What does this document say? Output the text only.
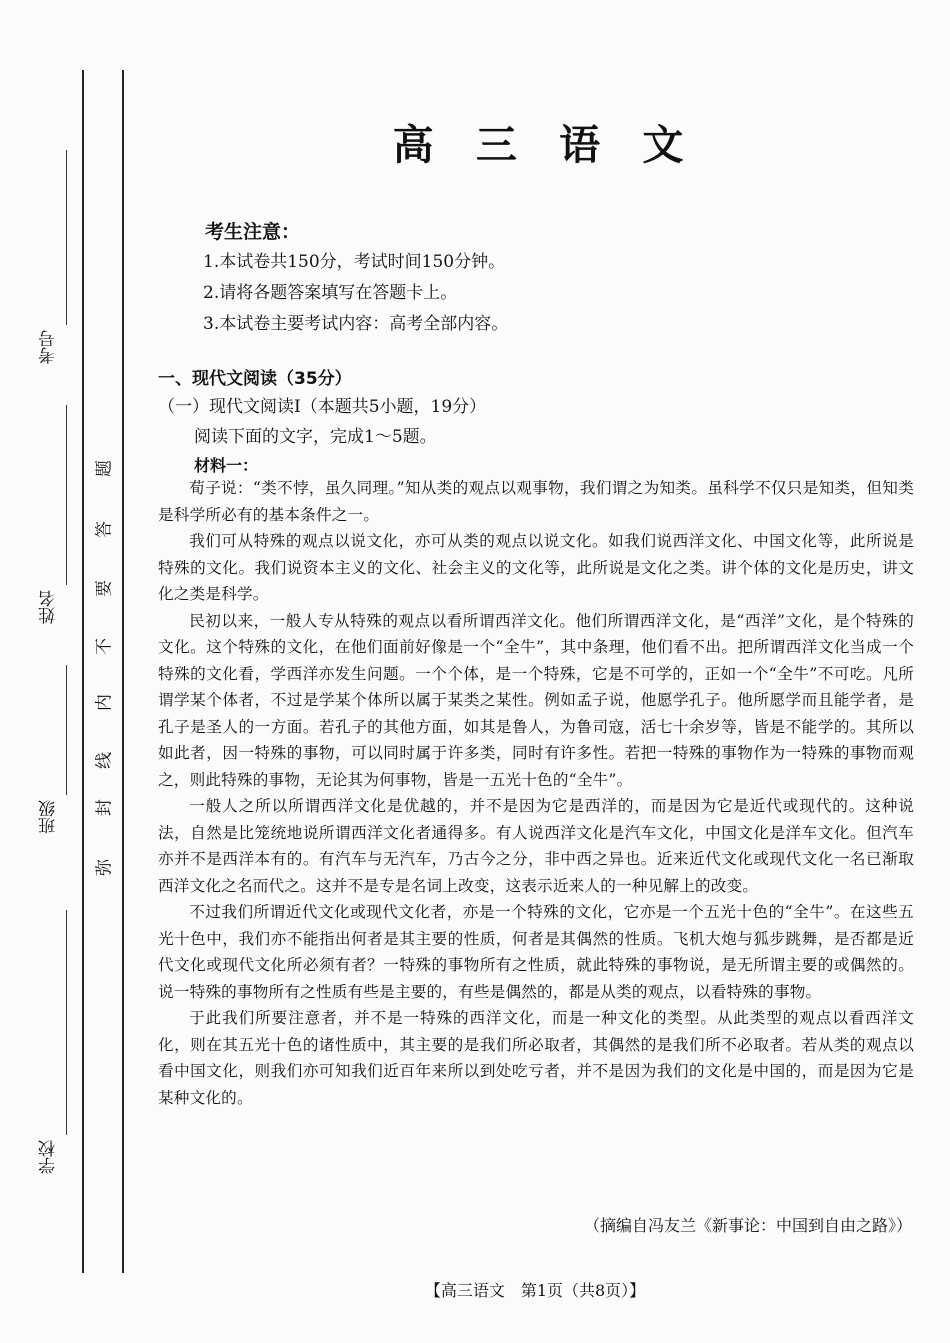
考号
姓名
班级
学校
弥
封
线
内
不
要
答
题
高 三 语 文
考生注意：
1.本试卷共150分，考试时间150分钟。
2.请将各题答案填写在答题卡上。
3.本试卷主要考试内容：高考全部内容。
一、现代文阅读（35分）
（一）现代文阅读Ⅰ（本题共5小题，19分）
阅读下面的文字，完成1～5题。
材料一：

荀子说：“类不悖，虽久同理。”知从类的观点以观事物，我们谓之为知类。虽科学不仅只是知类，但知类是科学所必有的基本条件之一。

我们可从特殊的观点以说文化，亦可从类的观点以说文化。如我们说西洋文化、中国文化等，此所说是特殊的文化。我们说资本主义的文化、社会主义的文化等，此所说是文化之类。讲个体的文化是历史，讲文化之类是科学。

民初以来，一般人专从特殊的观点以看所谓西洋文化。他们所谓西洋文化，是“西洋”文化，是个特殊的文化。这个特殊的文化，在他们面前好像是一个“全牛”，其中条理，他们看不出。把所谓西洋文化当成一个特殊的文化看，学西洋亦发生问题。一个个体，是一个特殊，它是不可学的，正如一个“全牛”不可吃。凡所谓学某个体者，不过是学某个体所以属于某类之某性。例如孟子说，他愿学孔子。他所愿学而且能学者，是孔子是圣人的一方面。若孔子的其他方面，如其是鲁人，为鲁司寇，活七十余岁等，皆是不能学的。其所以如此者，因一特殊的事物，可以同时属于许多类，同时有许多性。若把一特殊的事物作为一特殊的事物而观之，则此特殊的事物，无论其为何事物，皆是一五光十色的“全牛”。

一般人之所以所谓西洋文化是优越的，并不是因为它是西洋的，而是因为它是近代或现代的。这种说法，自然是比笼统地说所谓西洋文化者通得多。有人说西洋文化是汽车文化，中国文化是洋车文化。但汽车亦并不是西洋本有的。有汽车与无汽车，乃古今之分，非中西之异也。近来近代文化或现代文化一名已渐取西洋文化之名而代之。这并不是专是名词上改变，这表示近来人的一种见解上的改变。

不过我们所谓近代文化或现代文化者，亦是一个特殊的文化，它亦是一个五光十色的“全牛”。在这些五光十色中，我们亦不能指出何者是其主要的性质，何者是其偶然的性质。飞机大炮与狐步跳舞，是否都是近代文化或现代文化所必须有者？一特殊的事物所有之性质，就此特殊的事物说，是无所谓主要的或偶然的。说一特殊的事物所有之性质有些是主要的，有些是偶然的，都是从类的观点，以看特殊的事物。

于此我们所要注意者，并不是一特殊的西洋文化，而是一种文化的类型。从此类型的观点以看西洋文化，则在其五光十色的诸性质中，其主要的是我们所必取者，其偶然的是我们所不必取者。若从类的观点以看中国文化，则我们亦可知我们近百年来所以到处吃亏者，并不是因为我们的文化是中国的，而是因为它是某种文化的。

（摘编自冯友兰《新事论：中国到自由之路》）
【高三语文　第1页（共8页）】
